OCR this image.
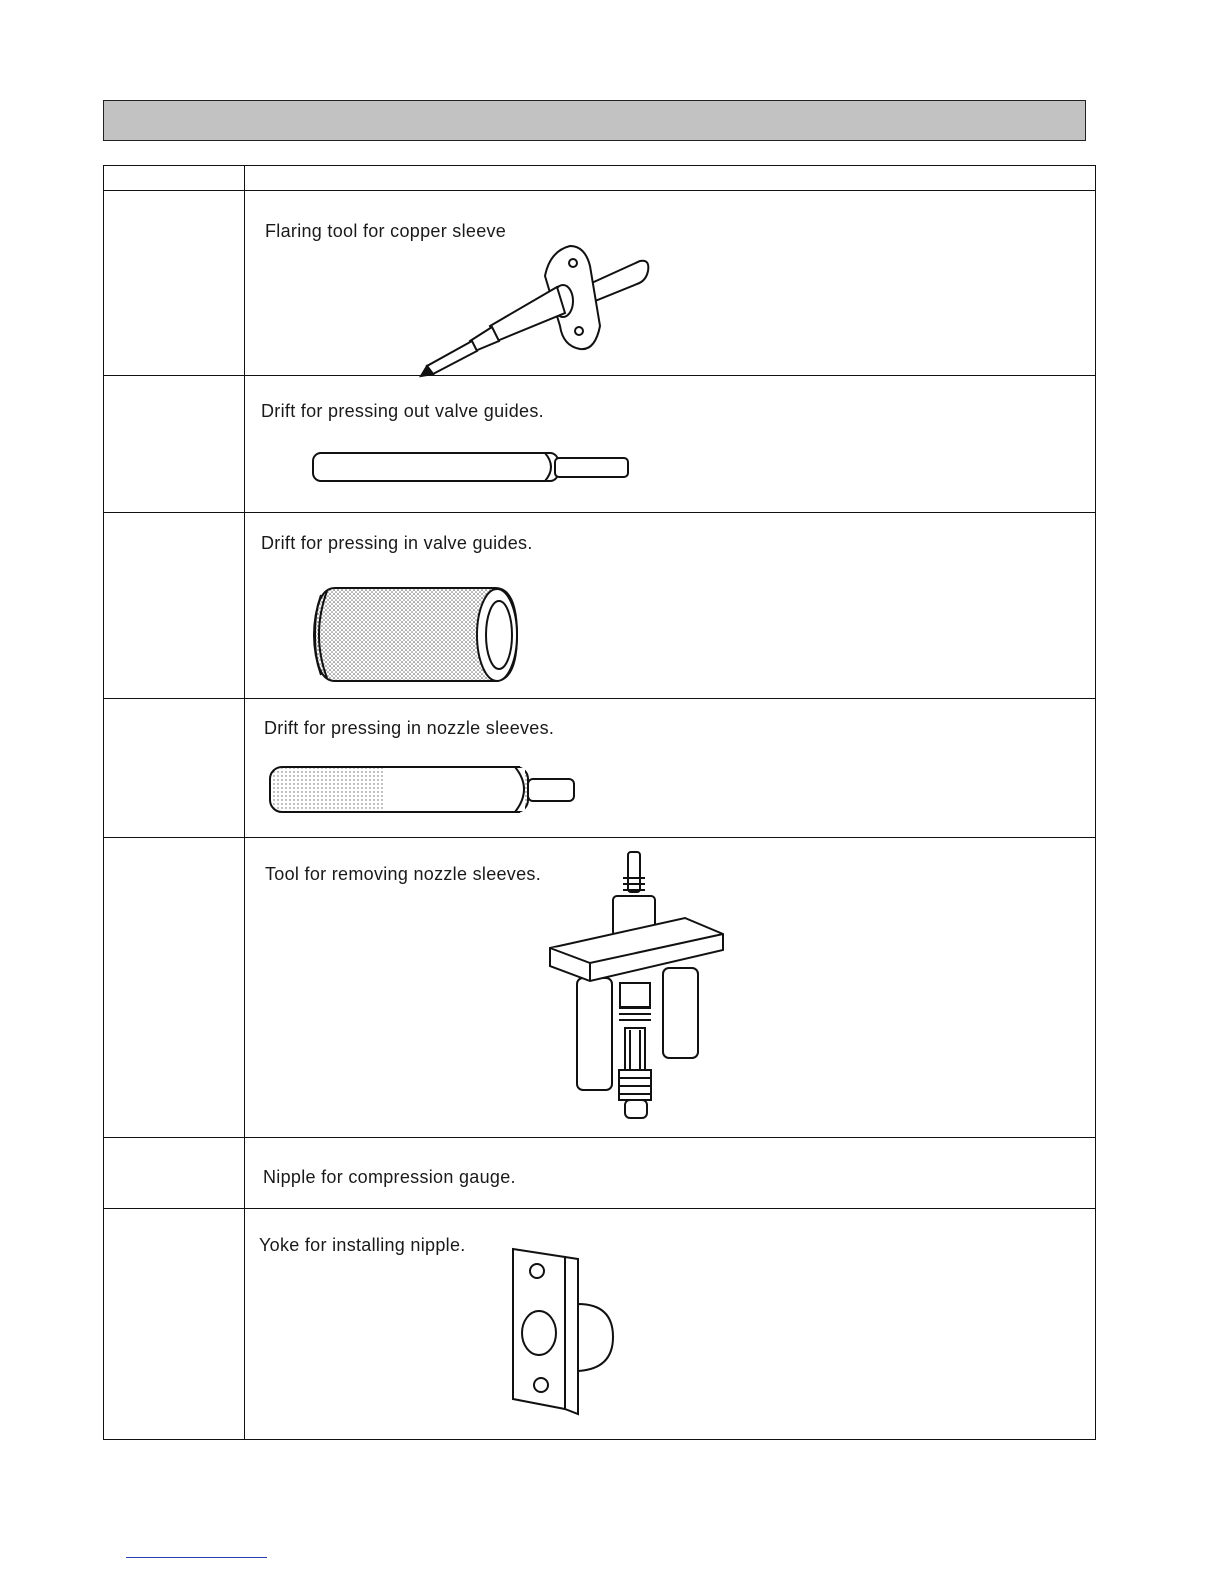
	Flaring tool for copper sleeve

	Drift for pressing out valve guides.

	Drift for pressing in valve guides.

	Drift for pressing in nozzle sleeves.

	Tool for removing nozzle sleeves.

	Nipple for compression gauge.

	Yoke for installing nipple.
